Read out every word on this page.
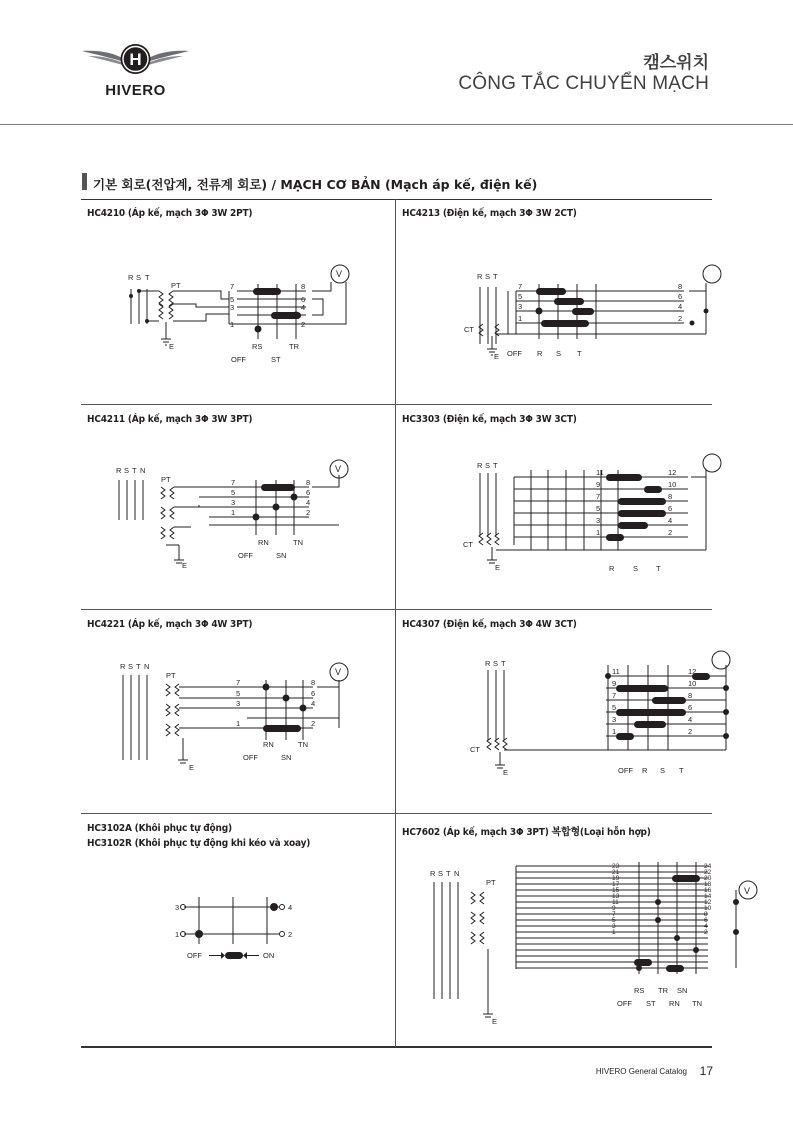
H
HIVERO
캠스위치
CÔNG TẮC CHUYỂN MẠCH
기본 회로(전압계, 전류계 회로) / MẠCH CƠ BẢN (Mạch áp kế, điện kế)
HC4210 (Áp kế, mạch 3Φ 3W 2PT)
R S T
PT
E
7
5
3
1
8
6
4
2
V
OFF
RS
ST
TR
HC4213 (Điện kế, mạch 3Φ 3W 2CT)
R S T
CT
E
7
5
3
1
8
6
4
2
OFF R S T
HC4211 (Áp kế, mạch 3Φ 3W 3PT)
R S T N
PT
E
7
5
3
1
8
6
4
2
V
OFF
RN
SN
TN
HC3303 (Điện kế, mạch 3Φ 3W 3CT)
R S T
CT
E
11
9
7
5
3
1
12
10
8
6
4
2
R S T
HC4221 (Áp kế, mạch 3Φ 4W 3PT)
R S T N
PT
E
7
5
3
1
8
6
4
2
V
OFF
RN
SN
TN
HC4307 (Điện kế, mạch 3Φ 4W 3CT)
R S T
CT
E
11
9
7
5
3
1
12
10
8
6
4
2
OFF R S T
HC3102A (Khôi phục tự động)
HC3102R (Khôi phục tự động khi kéo và xoay)
3
1
4
2
OFF	ON
HC7602 (Áp kế, mạch 3Φ 3PT) 복합형(Loại hỗn hợp)
R S T N
PT
E
23
21
19
17
15
13
11
9
7
5
3
1
24
22
20
18
16
14
12
10
8
6
4
2
V
RS TR SN
OFF ST RN TN
HIVERO General Catalog 17
